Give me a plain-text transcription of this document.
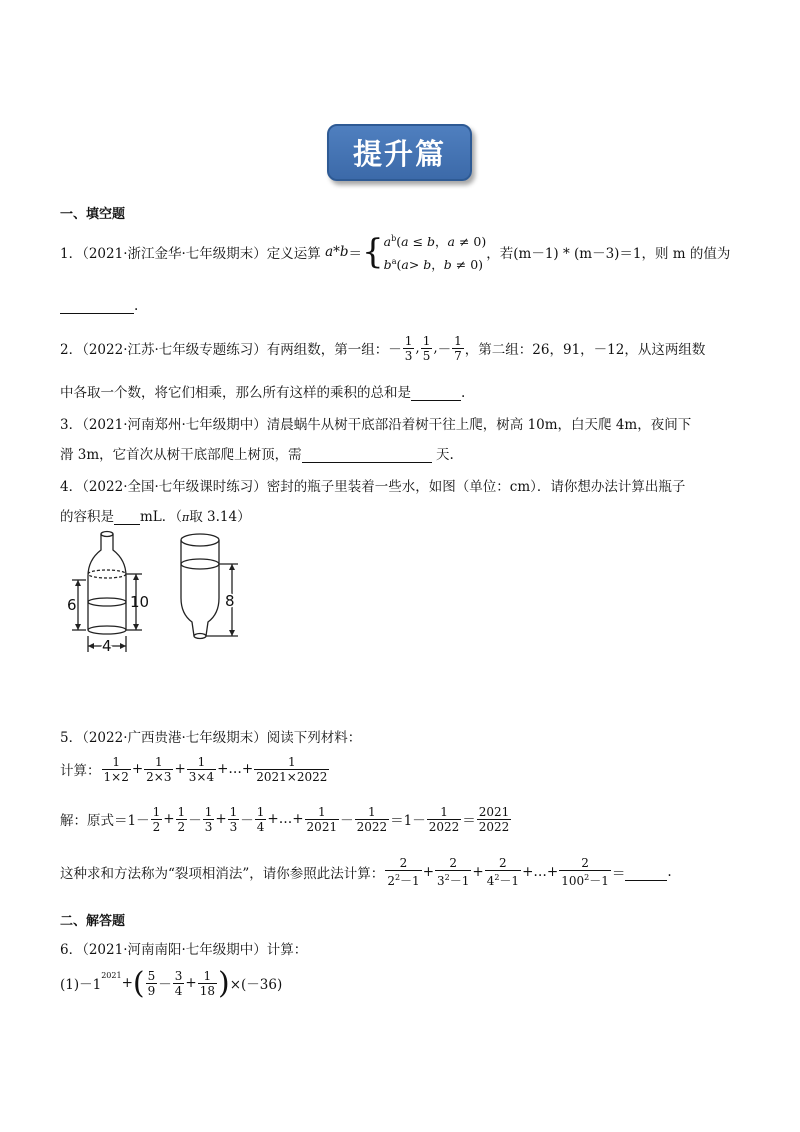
提升篇
一、填空题
1．（2021·浙江金华·七年级期末）定义运算 a * b ＝ { $a^b(a \le b$，a ≠ 0)
$b^a(a> b$，b ≠ 0)
，若(m－1) * (m－3)＝1，则 m 的值为
.
2．（2022·江苏·七年级专题练习）有两组数，第一组： － $\frac{1}{3}$ , $\frac{1}{5}$ , － $\frac{1}{7}$ ，第二组：26，91，－12，从这两组数
中各取一个数，将它们相乘，那么所有这样的乘积的总和是	.
3．（2021·河南郑州·七年级期中）清晨蜗牛从树干底部沿着树干往上爬，树高 10m，白天爬 4m，夜间下
滑 3m，它首次从树干底部爬上树顶，需	天.
4．（2022·全国·七年级课时练习）密封的瓶子里装着一些水，如图（单位：cm）．请你想办法计算出瓶子
的容积是 mL．（π取 3.14）
10
6
4
8
5．（2022·广西贵港·七年级期末）阅读下列材料：
计算： $\frac{1}{1\times 2} + \frac{1}{2\times 3} + \frac{1}{3\times 4}$ +…+ $\frac{1}{2021\times 2022}$
解：原式＝ $1- \frac{1}{2} + \frac{1}{2} - \frac{1}{3} + \frac{1}{3} - \frac{1}{4}$ +…+ $\frac{1}{2021} - \frac{1}{2022} =1- \frac{1}{2022} = \frac{2021}{2022}$
这种求和方法称为“裂项相消法”，请你参照此法计算： $\frac{2}{2^2-1} + \frac{2}{3^2-1} + \frac{2}{4^2-1}$ +…+ $\frac{2}{100^2-1}$ ＝	.
二、解答题
6．（2021·河南南阳·七年级期中）计算：
(1)－1
$^{2021}$ + ( $\frac{5}{9} - \frac{3}{4} + \frac{1}{18}$ ) ×(－36)
